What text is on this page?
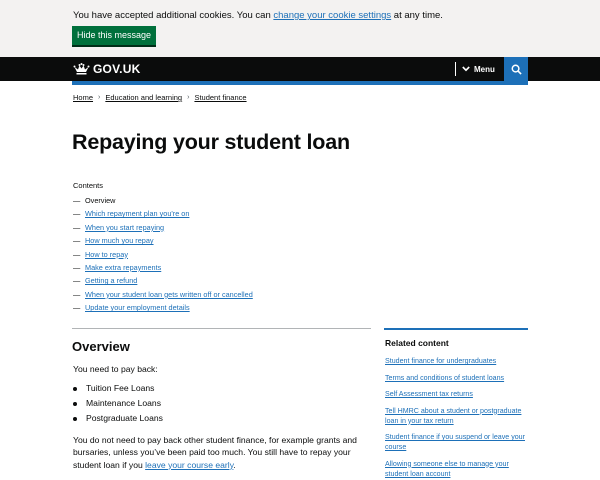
You have accepted additional cookies. You can change your cookie settings at any time.
Hide this message
GOV.UK	Menu
Home › Education and learning › Student finance
Repaying your student loan
Contents
— Overview
— Which repayment plan you're on
— When you start repaying
— How much you repay
— How to repay
— Make extra repayments
— Getting a refund
— When your student loan gets written off or cancelled
— Update your employment details
Overview

You need to pay back:

Tuition Fee Loans
Maintenance Loans
Postgraduate Loans

You do not need to pay back other student finance, for example grants and bursaries, unless you’ve been paid too much. You still have to repay your student loan if you leave your course early.

Related content
Student finance for undergraduates
Terms and conditions of student loans
Self Assessment tax returns
Tell HMRC about a student or postgraduate loan in your tax return
Student finance if you suspend or leave your course
Allowing someone else to manage your student loan account
